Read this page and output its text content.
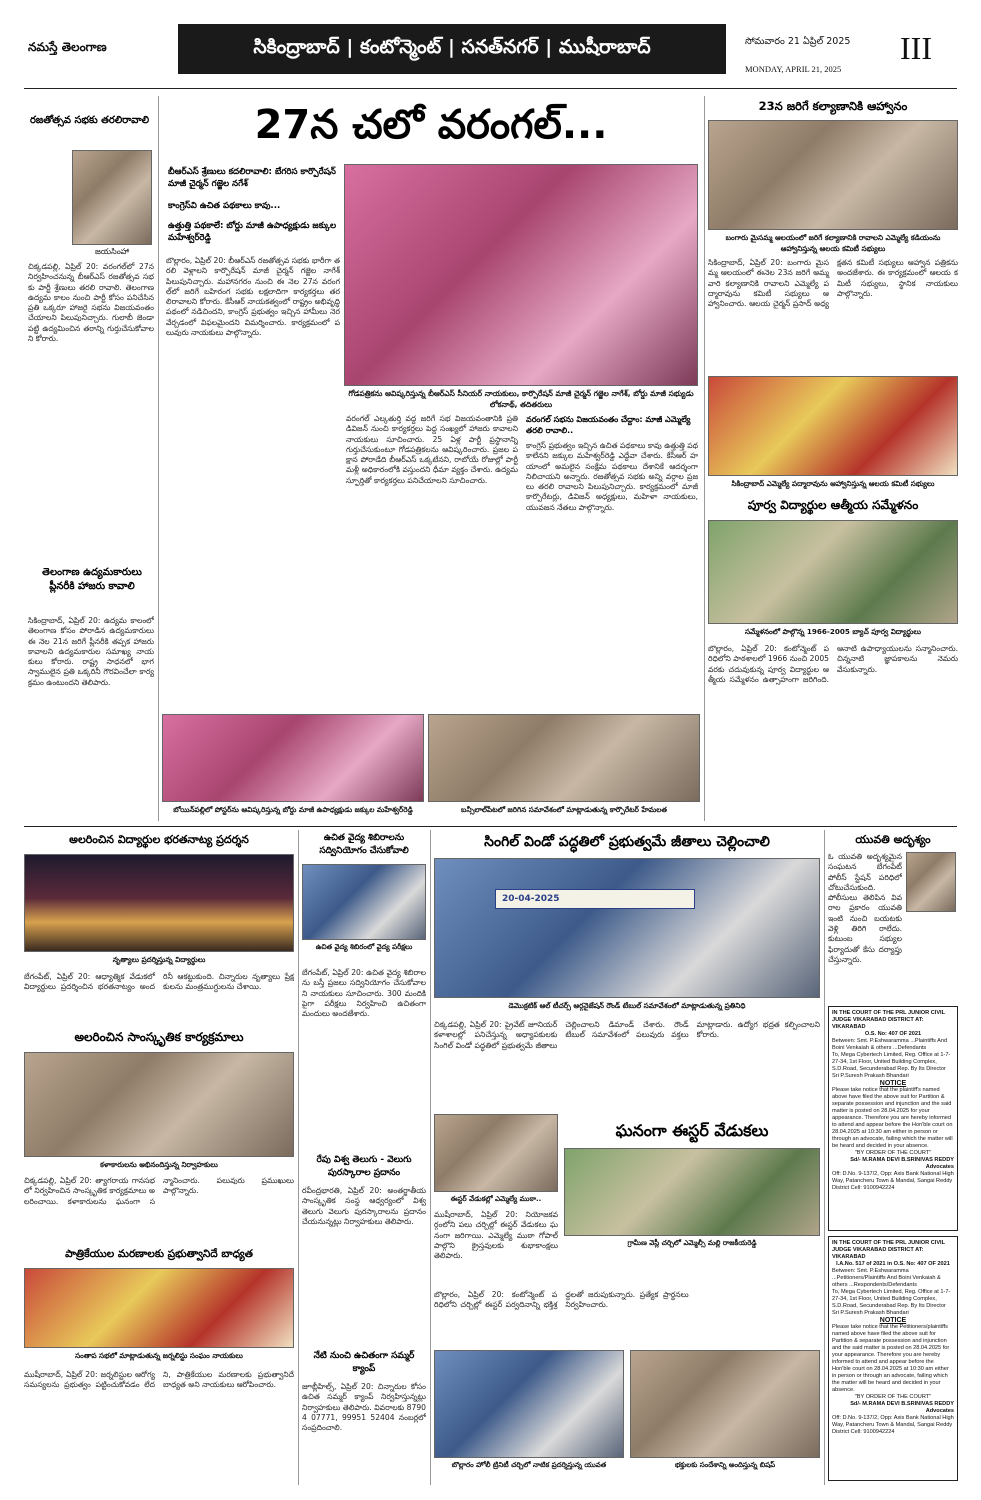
నమస్తే తెలంగాణ	సికింద్రాబాద్ | కంటోన్మెంట్ | సనత్‌నగర్ | ముషీరాబాద్	సోమవారం 21 ఏప్రిల్ 2025
MONDAY, APRIL 21, 2025
III
రజతోత్సవ సభకు తరలిరావాలి
జయసింహా
చిక్కడపల్లి, ఏప్రిల్ 20: వరంగల్‌లో 27న నిర్వహించనున్న బీఆర్‌ఎస్ రజతోత్సవ సభకు పార్టీ శ్రేణులు తరలి రావాలి. తెలంగాణ ఉద్యమ కాలం నుంచి పార్టీ కోసం పనిచేసిన ప్రతి ఒక్కరూ హాజరై సభను విజయవంతం చేయాలని పిలుపునిచ్చారు. గులాబీ జెండా పట్టి ఉద్యమించిన తరాన్ని గుర్తుచేసుకోవాలని కోరారు.
తెలంగాణ ఉద్యమకారులు ప్లీనరీకి హాజరు కావాలి
సికింద్రాబాద్, ఏప్రిల్ 20: ఉద్యమ కాలంలో తెలంగాణ కోసం పోరాడిన ఉద్యమకారులు ఈ నెల 21న జరిగే ప్లీనరీకి తప్పక హాజరు కావాలని ఉద్యమకారుల సమాఖ్య నాయకులు కోరారు. రాష్ట్ర సాధనలో భాగస్వాములైన ప్రతి ఒక్కరినీ గౌరవించేలా కార్యక్రమం ఉంటుందని తెలిపారు.
27న చలో వరంగల్...
బీఆర్‌ఎస్ శ్రేణులు కదలిరావాలి: బేగరిస కార్పొరేషన్ మాజీ చైర్మన్ గజ్జెల నగేశ్
కాంగ్రెస్‌వి ఉచిత పథకాలు కావు...
ఉత్తుత్తి పథకాలే: బోర్డు మాజీ ఉపాధ్యక్షుడు జక్కుల మహేశ్వర్‌రెడ్డి
గోడపత్రికను ఆవిష్కరిస్తున్న బీఆర్‌ఎస్ సీనియర్ నాయకులు, కార్పొరేషన్ మాజీ చైర్మన్ గజ్జెల నాగేశ్, బోర్డు మాజీ సభ్యుడు లోకనాథ్, తదితరులు
బొల్లారం, ఏప్రిల్ 20: బీఆర్‌ఎస్ రజతోత్సవ సభకు భారీగా తరలి వెళ్లాలని కార్పొరేషన్ మాజీ చైర్మన్ గజ్జెల నాగేశ్ పిలుపునిచ్చారు. మహానగరం నుంచి ఈ నెల 27న వరంగల్‌లో జరిగే బహిరంగ సభకు లక్షలాదిగా కార్యకర్తలు తరలిరావాలని కోరారు. కేసీఆర్ నాయకత్వంలో రాష్ట్రం అభివృద్ధి పథంలో నడిచిందని, కాంగ్రెస్ ప్రభుత్వం ఇచ్చిన హామీలు నెరవేర్చడంలో విఫలమైందని విమర్శించారు. కార్యక్రమంలో పలువురు నాయకులు పాల్గొన్నారు.
వరంగల్ ఎల్కతుర్తి వద్ద జరిగే సభ విజయవంతానికి ప్రతి డివిజన్ నుంచి కార్యకర్తలు పెద్ద సంఖ్యలో హాజరు కావాలని నాయకులు సూచించారు. 25 ఏళ్ల పార్టీ ప్రస్థానాన్ని గుర్తుచేసుకుంటూ గోడపత్రికలను ఆవిష్కరించారు. ప్రజల పక్షాన పోరాడేది బీఆర్‌ఎస్ ఒక్కటేనని, రాబోయే రోజుల్లో పార్టీ మళ్లీ అధికారంలోకి వస్తుందని ధీమా వ్యక్తం చేశారు. ఉద్యమ స్ఫూర్తితో కార్యకర్తలు పనిచేయాలని సూచించారు.
వరంగల్ సభను విజయవంతం చేద్దాం: మాజీ ఎమ్మెల్యే తరలి రావాలి..
కాంగ్రెస్ ప్రభుత్వం ఇచ్చిన ఉచిత పథకాలు కావు ఉత్తుత్తి పథకాలేనని జక్కుల మహేశ్వర్‌రెడ్డి ఎద్దేవా చేశారు. కేసీఆర్ హయాంలో అమలైన సంక్షేమ పథకాలు దేశానికే ఆదర్శంగా నిలిచాయని అన్నారు. రజతోత్సవ సభకు అన్ని వర్గాల ప్రజలు తరలి రావాలని పిలుపునిచ్చారు. కార్యక్రమంలో మాజీ కార్పొరేటర్లు, డివిజన్ అధ్యక్షులు, మహిళా నాయకులు, యువజన నేతలు పాల్గొన్నారు.
బోయిన్‌పల్లిలో పోస్టర్‌ను ఆవిష్కరిస్తున్న బోర్డు మాజీ ఉపాధ్యక్షుడు జక్కుల మహేశ్వర్‌రెడ్డి	బన్సీలాల్‌పేటలో జరిగిన సమావేశంలో మాట్లాడుతున్న కార్పొరేటర్ హేమలత
23న జరిగే కల్యాణానికి ఆహ్వానం
బంగారు మైసమ్మ ఆలయంలో జరిగే కల్యాణానికి రావాలని ఎమ్మెల్యే కడియంను ఆహ్వానిస్తున్న ఆలయ కమిటీ సభ్యులు
సికింద్రాబాద్, ఏప్రిల్ 20: బంగారు మైసమ్మ ఆలయంలో ఈనెల 23న జరిగే అమ్మవారి కల్యాణానికి రావాలని ఎమ్మెల్యే పద్మారావును కమిటీ సభ్యులు ఆహ్వానించారు. ఆలయ చైర్మన్ ప్రసాద్ అధ్యక్షతన కమిటీ సభ్యులు ఆహ్వాన పత్రికను అందజేశారు. ఈ కార్యక్రమంలో ఆలయ కమిటీ సభ్యులు, స్థానిక నాయకులు పాల్గొన్నారు.
సికింద్రాబాద్ ఎమ్మెల్యే పద్మారావును ఆహ్వానిస్తున్న ఆలయ కమిటీ సభ్యులు
పూర్వ విద్యార్థుల ఆత్మీయ సమ్మేళనం
సమ్మేళనంలో పాల్గొన్న 1966-2005 బ్యాచ్ పూర్వ విద్యార్థులు
బొల్లారం, ఏప్రిల్ 20: కంటోన్మెంట్ పరిధిలోని పాఠశాలలో 1966 నుంచి 2005 వరకు చదువుకున్న పూర్వ విద్యార్థుల ఆత్మీయ సమ్మేళనం ఉత్సాహంగా జరిగింది. ఆనాటి ఉపాధ్యాయులను సన్మానించారు. చిన్ననాటి జ్ఞాపకాలను నెమరు వేసుకున్నారు.
అలరించిన విద్యార్థుల భరతనాట్య ప్రదర్శన
నృత్యాలు ప్రదర్శిస్తున్న విద్యార్థులు
బేగంపేట్, ఏప్రిల్ 20: ఆధ్యాత్మిక వేడుకలో విద్యార్థులు ప్రదర్శించిన భరతనాట్యం అందరినీ ఆకట్టుకుంది. చిన్నారుల నృత్యాలు ప్రేక్షకులను మంత్రముగ్ధులను చేశాయి.
అలరించిన సాంస్కృతిక కార్యక్రమాలు
కళాకారులను అభినందిస్తున్న నిర్వాహకులు
చిక్కడపల్లి, ఏప్రిల్ 20: త్యాగరాయ గానసభలో నిర్వహించిన సాంస్కృతిక కార్యక్రమాలు అలరించాయి. కళాకారులను ఘనంగా సన్మానించారు. పలువురు ప్రముఖులు పాల్గొన్నారు.
పాత్రికేయుల మరణాలకు ప్రభుత్వానిదే బాధ్యత
సంతాప సభలో మాట్లాడుతున్న జర్నలిస్టు సంఘం నాయకులు
ముషీరాబాద్, ఏప్రిల్ 20: జర్నలిస్టుల ఆరోగ్య సమస్యలను ప్రభుత్వం పట్టించుకోవడం లేదని, పాత్రికేయుల మరణాలకు ప్రభుత్వానిదే బాధ్యత అని నాయకులు ఆరోపించారు.
ఉచిత వైద్య శిబిరాలను సద్వినియోగం చేసుకోవాలి
ఉచిత వైద్య శిబిరంలో వైద్య పరీక్షలు
బేగంపేట్, ఏప్రిల్ 20: ఉచిత వైద్య శిబిరాలను బస్తీ ప్రజలు సద్వినియోగం చేసుకోవాలని నాయకులు సూచించారు. 300 మందికి పైగా పరీక్షలు నిర్వహించి ఉచితంగా మందులు అందజేశారు.
రేపు విశ్వ తెలుగు - వెలుగు పురస్కారాల ప్రదానం
రవీంద్రభారతి, ఏప్రిల్ 20: అంతర్జాతీయ సాంస్కృతిక సంస్థ ఆధ్వర్యంలో విశ్వ తెలుగు వెలుగు పురస్కారాలను ప్రదానం చేయనున్నట్లు నిర్వాహకులు తెలిపారు.
నేటి నుంచి ఉచితంగా సమ్మర్ క్యాంప్
జూబ్లీహిల్స్, ఏప్రిల్ 20: చిన్నారుల కోసం ఉచిత సమ్మర్ క్యాంప్ నిర్వహిస్తున్నట్లు నిర్వాహకులు తెలిపారు. వివరాలకు 87904 07771, 99951 52404 నంబర్లలో సంప్రదించాలి.
సింగిల్ విండో పద్ధతిలో ప్రభుత్వమే జీతాలు చెల్లించాలి
20-04-2025
డెమొక్రటిక్ ఆల్ టీచర్స్ ఆర్గనైజేషన్ రౌండ్ టేబుల్ సమావేశంలో మాట్లాడుతున్న ప్రతినిధి
చిక్కడపల్లి, ఏప్రిల్ 20: ప్రైవేట్ జూనియర్ కళాశాలల్లో పనిచేస్తున్న అధ్యాపకులకు సింగిల్ విండో పద్ధతిలో ప్రభుత్వమే జీతాలు చెల్లించాలని డిమాండ్ చేశారు. రౌండ్ టేబుల్ సమావేశంలో పలువురు వక్తలు మాట్లాడారు. ఉద్యోగ భద్రత కల్పించాలని కోరారు.
ఈస్టర్ వేడుకల్లో ఎమ్మెల్యే ముఠా..
ఘనంగా ఈస్టర్ వేడుకలు
గ్రామీణ వెస్లీ చర్చిలో ఎమ్మెల్సీ మల్లి రాజకీయరెడ్డి
ముషీరాబాద్, ఏప్రిల్ 20: నియోజకవర్గంలోని పలు చర్చిల్లో ఈస్టర్ వేడుకలు ఘనంగా జరిగాయి. ఎమ్మెల్యే ముఠా గోపాల్ పాల్గొని క్రైస్తవులకు శుభాకాంక్షలు తెలిపారు.
బొల్లారం, ఏప్రిల్ 20: కంటోన్మెంట్ పరిధిలోని చర్చిల్లో ఈస్టర్ పర్వదినాన్ని భక్తిశ్రద్ధలతో జరుపుకున్నారు. ప్రత్యేక ప్రార్థనలు నిర్వహించారు.
బొల్లారం హోలీ ట్రినిటీ చర్చిలో నాటిక ప్రదర్శిస్తున్న యువత	భక్తులకు సందేశాన్ని అందిస్తున్న బిషప్
యువతి అదృశ్యం
ఓ యువతి అదృశ్యమైన సంఘటన బేగంపేట్ పోలీస్ స్టేషన్ పరిధిలో చోటుచేసుకుంది. పోలీసులు తెలిపిన వివరాల ప్రకారం యువతి ఇంటి నుంచి బయటకు వెళ్లి తిరిగి రాలేదు. కుటుంబ సభ్యుల ఫిర్యాదుతో కేసు దర్యాప్తు చేస్తున్నారు.
IN THE COURT OF THE PRL JUNIOR CIVIL JUDGE VIKARABAD DISTRICT AT: VIKARABAD
O.S. No: 407 OF 2021
Between: Smt. P.Eshwaramma ...Plaintiffs And Boini Venkaiah & others ...Defendants
To, Mega Cybertech Limited, Reg. Office at 1-7-27-34, 1st Floor, United Building Complex, S.D.Road, Secunderabad Rep. By Its Director Sri P.Suresh Prakash Bhandari
NOTICE
Please take notice that the plaintiff's named above have filed the above suit for Partition & separate possession and injunction and the said matter is posted on 28.04.2025 for your appearance. Therefore you are hereby informed to attend and appear before the Hon'ble court on 28.04.2025 at 10:30 am either in person or through an advocate, failing which the matter will be heard and decided in your absence.
"BY ORDER OF THE COURT"
Sd/- M.RAMA DEVI B.SRINIVAS REDDY Advocates
Off: D.No. 9-137/2, Opp: Axis Bank National High Way, Patancheru Town & Mandal, Sangai Reddy District Cell: 9100942224
IN THE COURT OF THE PRL JUNIOR CIVIL JUDGE VIKARABAD DISTRICT AT: VIKARABAD
I.A.No. 517 of 2021 in O.S. No: 407 OF 2021
Between: Smt. P.Eshwaramma ...Petitioners/Plaintiffs And Boini Venkaiah & others ...Respondents/Defendants
To, Mega Cybertech Limited, Reg. Office at 1-7-27-34, 1st Floor, United Building Complex, S.D.Road, Secunderabad Rep. By Its Director Sri P.Suresh Prakash Bhandari
NOTICE
Please take notice that the Petitioners/plaintiffs named above have filed the above suit for Partition & separate possession and injunction and the said matter is posted on 28.04.2025 for your appearance. Therefore you are hereby informed to attend and appear before the Hon'ble court on 28.04.2025 at 10:30 am either in person or through an advocate, failing which the matter will be heard and decided in your absence.
"BY ORDER OF THE COURT"
Sd/- M.RAMA DEVI B.SRINIVAS REDDY Advocates
Off: D.No. 9-137/2, Opp: Axis Bank National High Way, Patancheru Town & Mandal, Sangai Reddy District Cell: 9100942224
